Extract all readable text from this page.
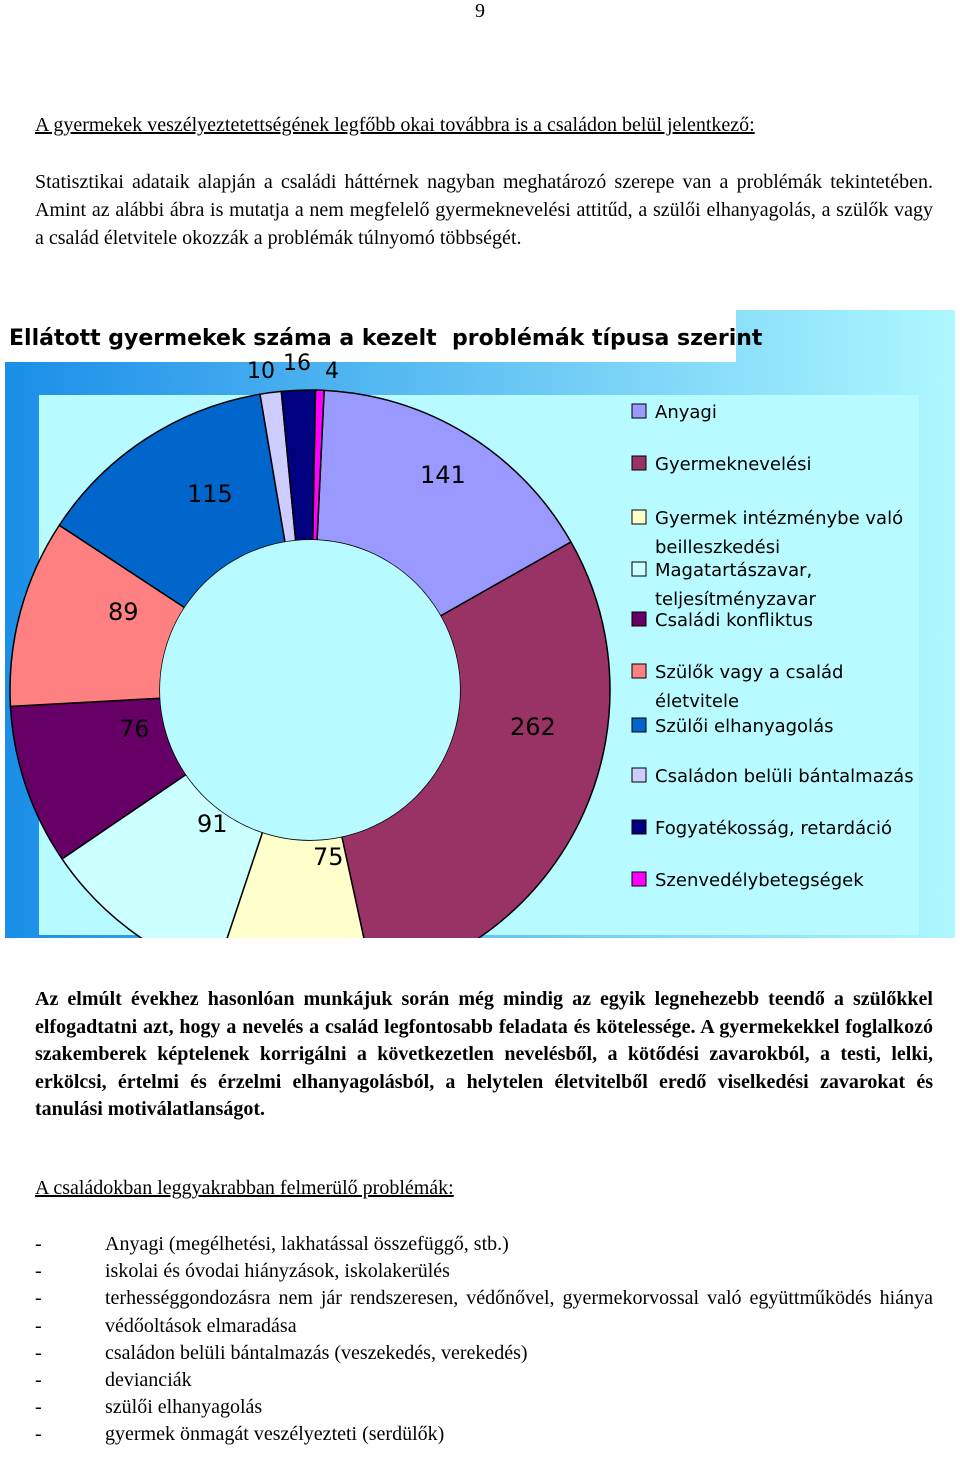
9
A gyermekek veszélyeztetettségének legfőbb okai továbbra is a családon belül jelentkező:

Statisztikai adataik alapján a családi háttérnek nagyban meghatározó szerepe van a problémák tekintetében. Amint az alábbi ábra is mutatja a nem megfelelő gyermeknevelési attitűd, a szülői elhanyagolás, a szülők vagy a család életvitele okozzák a problémák túlnyomó többségét.

Ellátott gyermekek száma a kezelt  problémák típusa szerint
141
262
75
91
76
89
115
10 16 4
Anyagi
Gyermeknevelési
Gyermek intézménybe való
beilleszkedési
Magatartászavar,
teljesítményzavar
Családi konfliktus
Szülők vagy a család
életvitele
Szülői elhanyagolás
Családon belüli bántalmazás
Fogyatékosság, retardáció
Szenvedélybetegségek

Az elmúlt évekhez hasonlóan munkájuk során még mindig az egyik legnehezebb teendő a szülőkkel elfogadtatni azt, hogy a nevelés a család legfontosabb feladata és kötelessége. A gyermekekkel foglalkozó szakemberek képtelenek korrigálni a következetlen nevelésből, a kötődési zavarokból, a testi, lelki, erkölcsi, értelmi és érzelmi elhanyagolásból, a helytelen életvitelből eredő viselkedési zavarokat és tanulási motiválatlanságot.

A családokban leggyakrabban felmerülő problémák:
-	Anyagi (megélhetési, lakhatással összefüggő, stb.)
-	iskolai és óvodai hiányzások, iskolakerülés
-	terhességgondozásra nem jár rendszeresen, védőnővel, gyermekorvossal való együttműködés hiánya
-	védőoltások elmaradása
-	családon belüli bántalmazás (veszekedés, verekedés)
-	devianciák
-	szülői elhanyagolás
-	gyermek önmagát veszélyezteti (serdülők)
